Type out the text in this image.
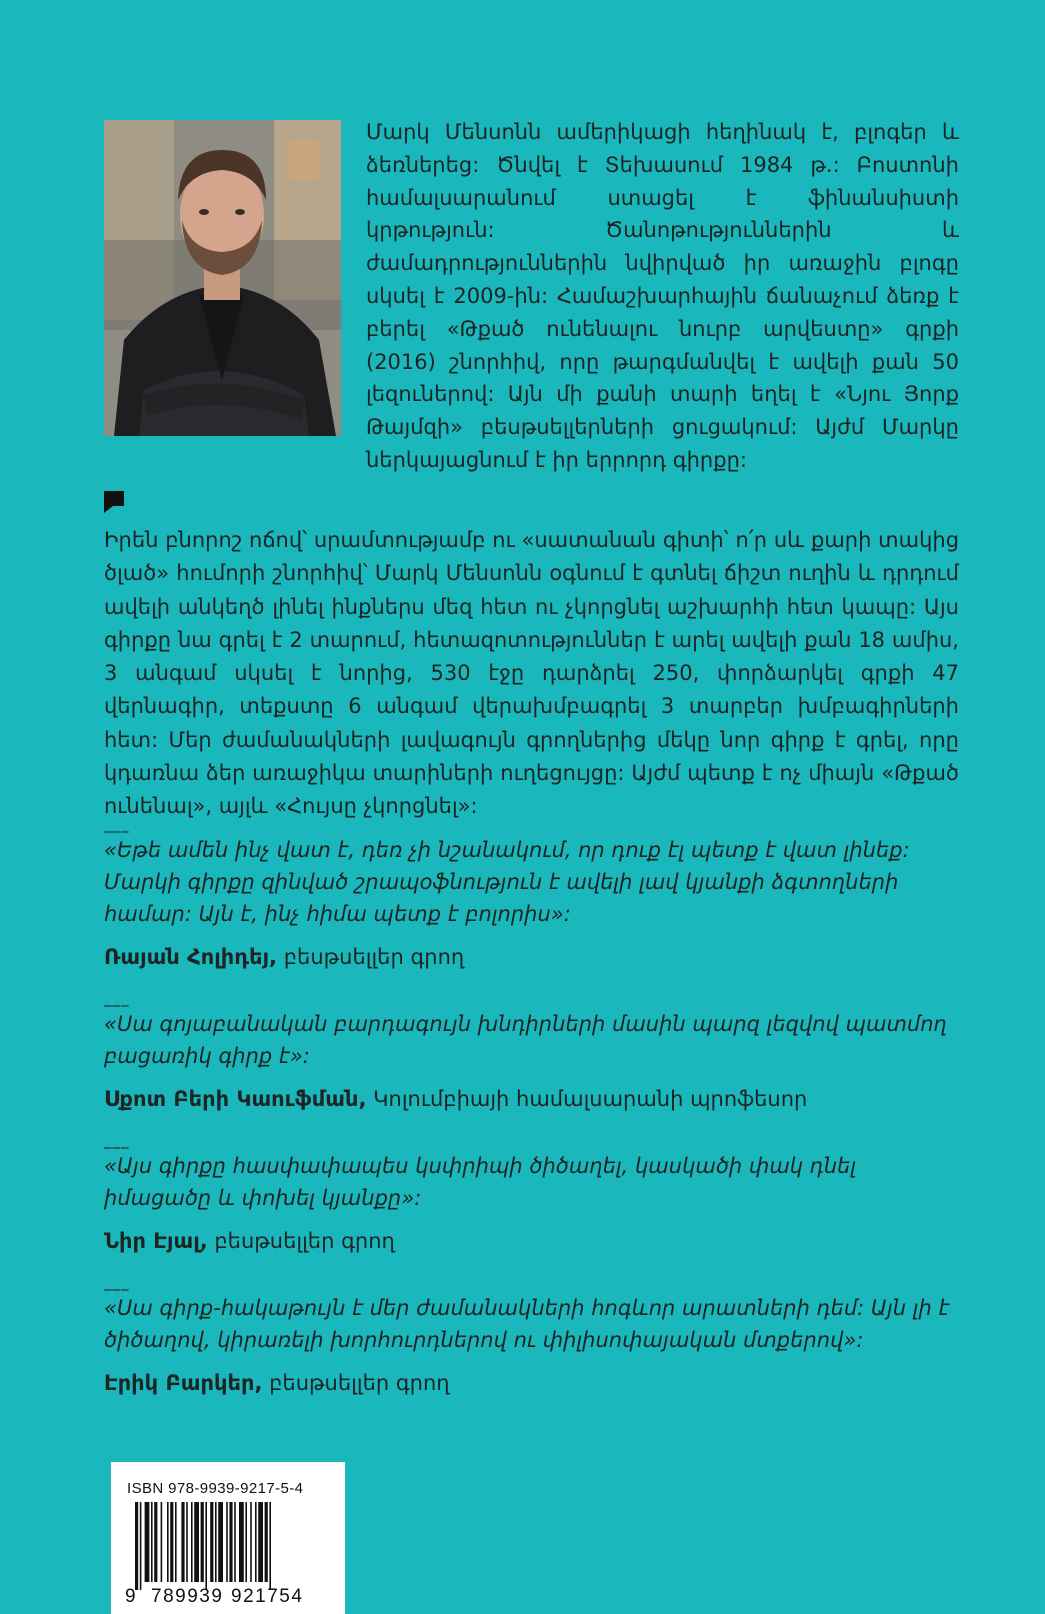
Մարկ Մենսոնն ամերիկացի հեղինակ է, բլոգեր և ձեռներեց: Ծնվել է Տեխասում 1984 թ.: Բոստոնի համալսարանում ստացել է ֆինանսիստի կրթություն: Ծանոթություններին և ժամադրություններին նվիրված իր առաջին բլոգը սկսել է 2009-ին: Համաշխարհային ճանաչում ձեռք է բերել «Թքած ունենալու նուրբ արվեստը» գրքի (2016) շնորհիվ, որը թարգմանվել է ավելի քան 50 լեզուներով: Այն մի քանի տարի եղել է «Նյու Յորք Թայմզի» բեսթսելլերների ցուցակում: Այժմ Մարկը ներկայացնում է իր երրորդ գիրքը:

Իրեն բնորոշ ոճով՝ սրամտությամբ ու «սատանան գիտի՝ ո՛ր սև քարի տակից ծլած» հումորի շնորհիվ՝ Մարկ Մենսոնն օգնում է գտնել ճիշտ ուղին և դրդում ավելի անկեղծ լինել ինքներս մեզ հետ ու չկորցնել աշխարհի հետ կապը: Այս գիրքը նա գրել է 2 տարում, հետազոտություններ է արել ավելի քան 18 ամիս, 3 անգամ սկսել է նորից, 530 էջը դարձրել 250, փորձարկել գրքի 47 վերնագիր, տեքստը 6 անգամ վերախմբագրել 3 տարբեր խմբագիրների հետ: Մեր ժամանակների լավագույն գրողներից մեկը նոր գիրք է գրել, որը կդառնա ձեր առաջիկա տարիների ուղեցույցը: Այժմ պետք է ոչ միայն «Թքած ունենալ», այլև «Հույսը չկորցնել»:

___

«Եթե ամեն ինչ վատ է, դեռ չի նշանակում, որ դուք էլ պետք է վատ լինեք: Մարկի գիրքը զինված շրապօֆնություն է ավելի լավ կյանքի ձգտողների համար: Այն է, ինչ հիմա պետք է բոլորիս»:

Ռայան Հոլիդեյ, բեսթսելլեր գրող
___

«Սա գոյաբանական բարդագույն խնդիրների մասին պարզ լեզվով պատմող բացառիկ գիրք է»:

Սքոտ Բերի Կաուֆման, Կոլումբիայի համալսարանի պրոֆեսոր
___

«Այս գիրքը հասփափապես կսփրիպի ծիծաղել, կասկածի փակ դնել իմացածը և փոխել կյանքը»:

Նիր Էյալ, բեսթսելլեր գրող
___

«Սա գիրք-հակաթույն է մեր ժամանակների հոգևոր արատների դեմ: Այն լի է ծիծաղով, կիրառելի խորհուրդներով ու փիլիսոփայական մտքերով»:

Էրիկ Բարկեր, բեսթսելլեր գրող
ISBN 978-9939-9217-5-4
9 789939 921754
